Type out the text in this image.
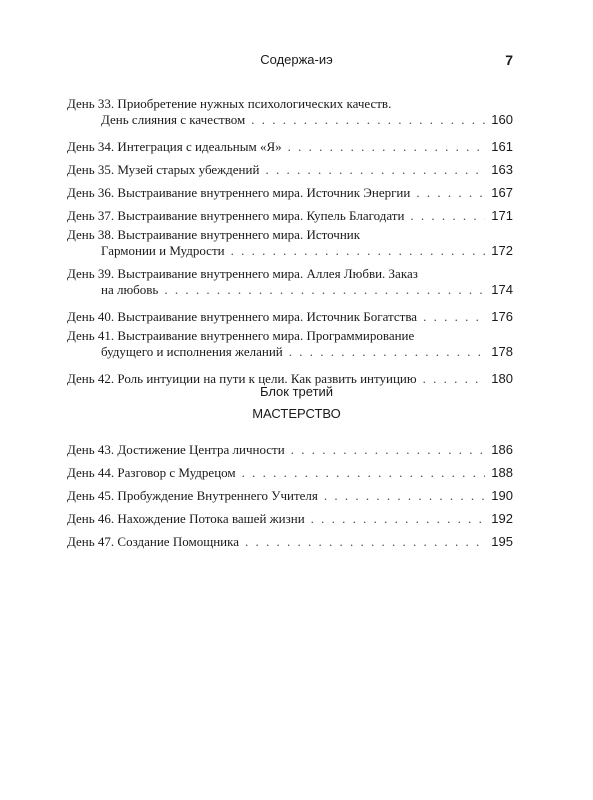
Содержа-иэ	7
День 33. Приобретение нужных психологических качеств.
День слияния с качеством . . .	160
День 34. Интеграция с идеальным «Я» . . .	161
День 35. Музей старых убеждений . . .	163
День 36. Выстраивание внутреннего мира. Источник Энергии . . .	167
День 37. Выстраивание внутреннего мира. Купель Благодати . . .	171
День 38. Выстраивание внутреннего мира. Источник
Гармонии и Мудрости . . .	172
День 39. Выстраивание внутреннего мира. Аллея Любви. Заказ
на любовь . . .	174
День 40. Выстраивание внутреннего мира. Источник Богатства . . .	176
День 41. Выстраивание внутреннего мира. Программирование
будущего и исполнения желаний . . .	178
День 42. Роль интуиции на пути к цели. Как развить интуицию . . .	180
Блок третий
МАСТЕРСТВО
День 43. Достижение Центра личности . . .	186
День 44. Разговор с Мудрецом . . .	188
День 45. Пробуждение Внутреннего Учителя . . .	190
День 46. Нахождение Потока вашей жизни . . .	192
День 47. Создание Помощника . . .	195
